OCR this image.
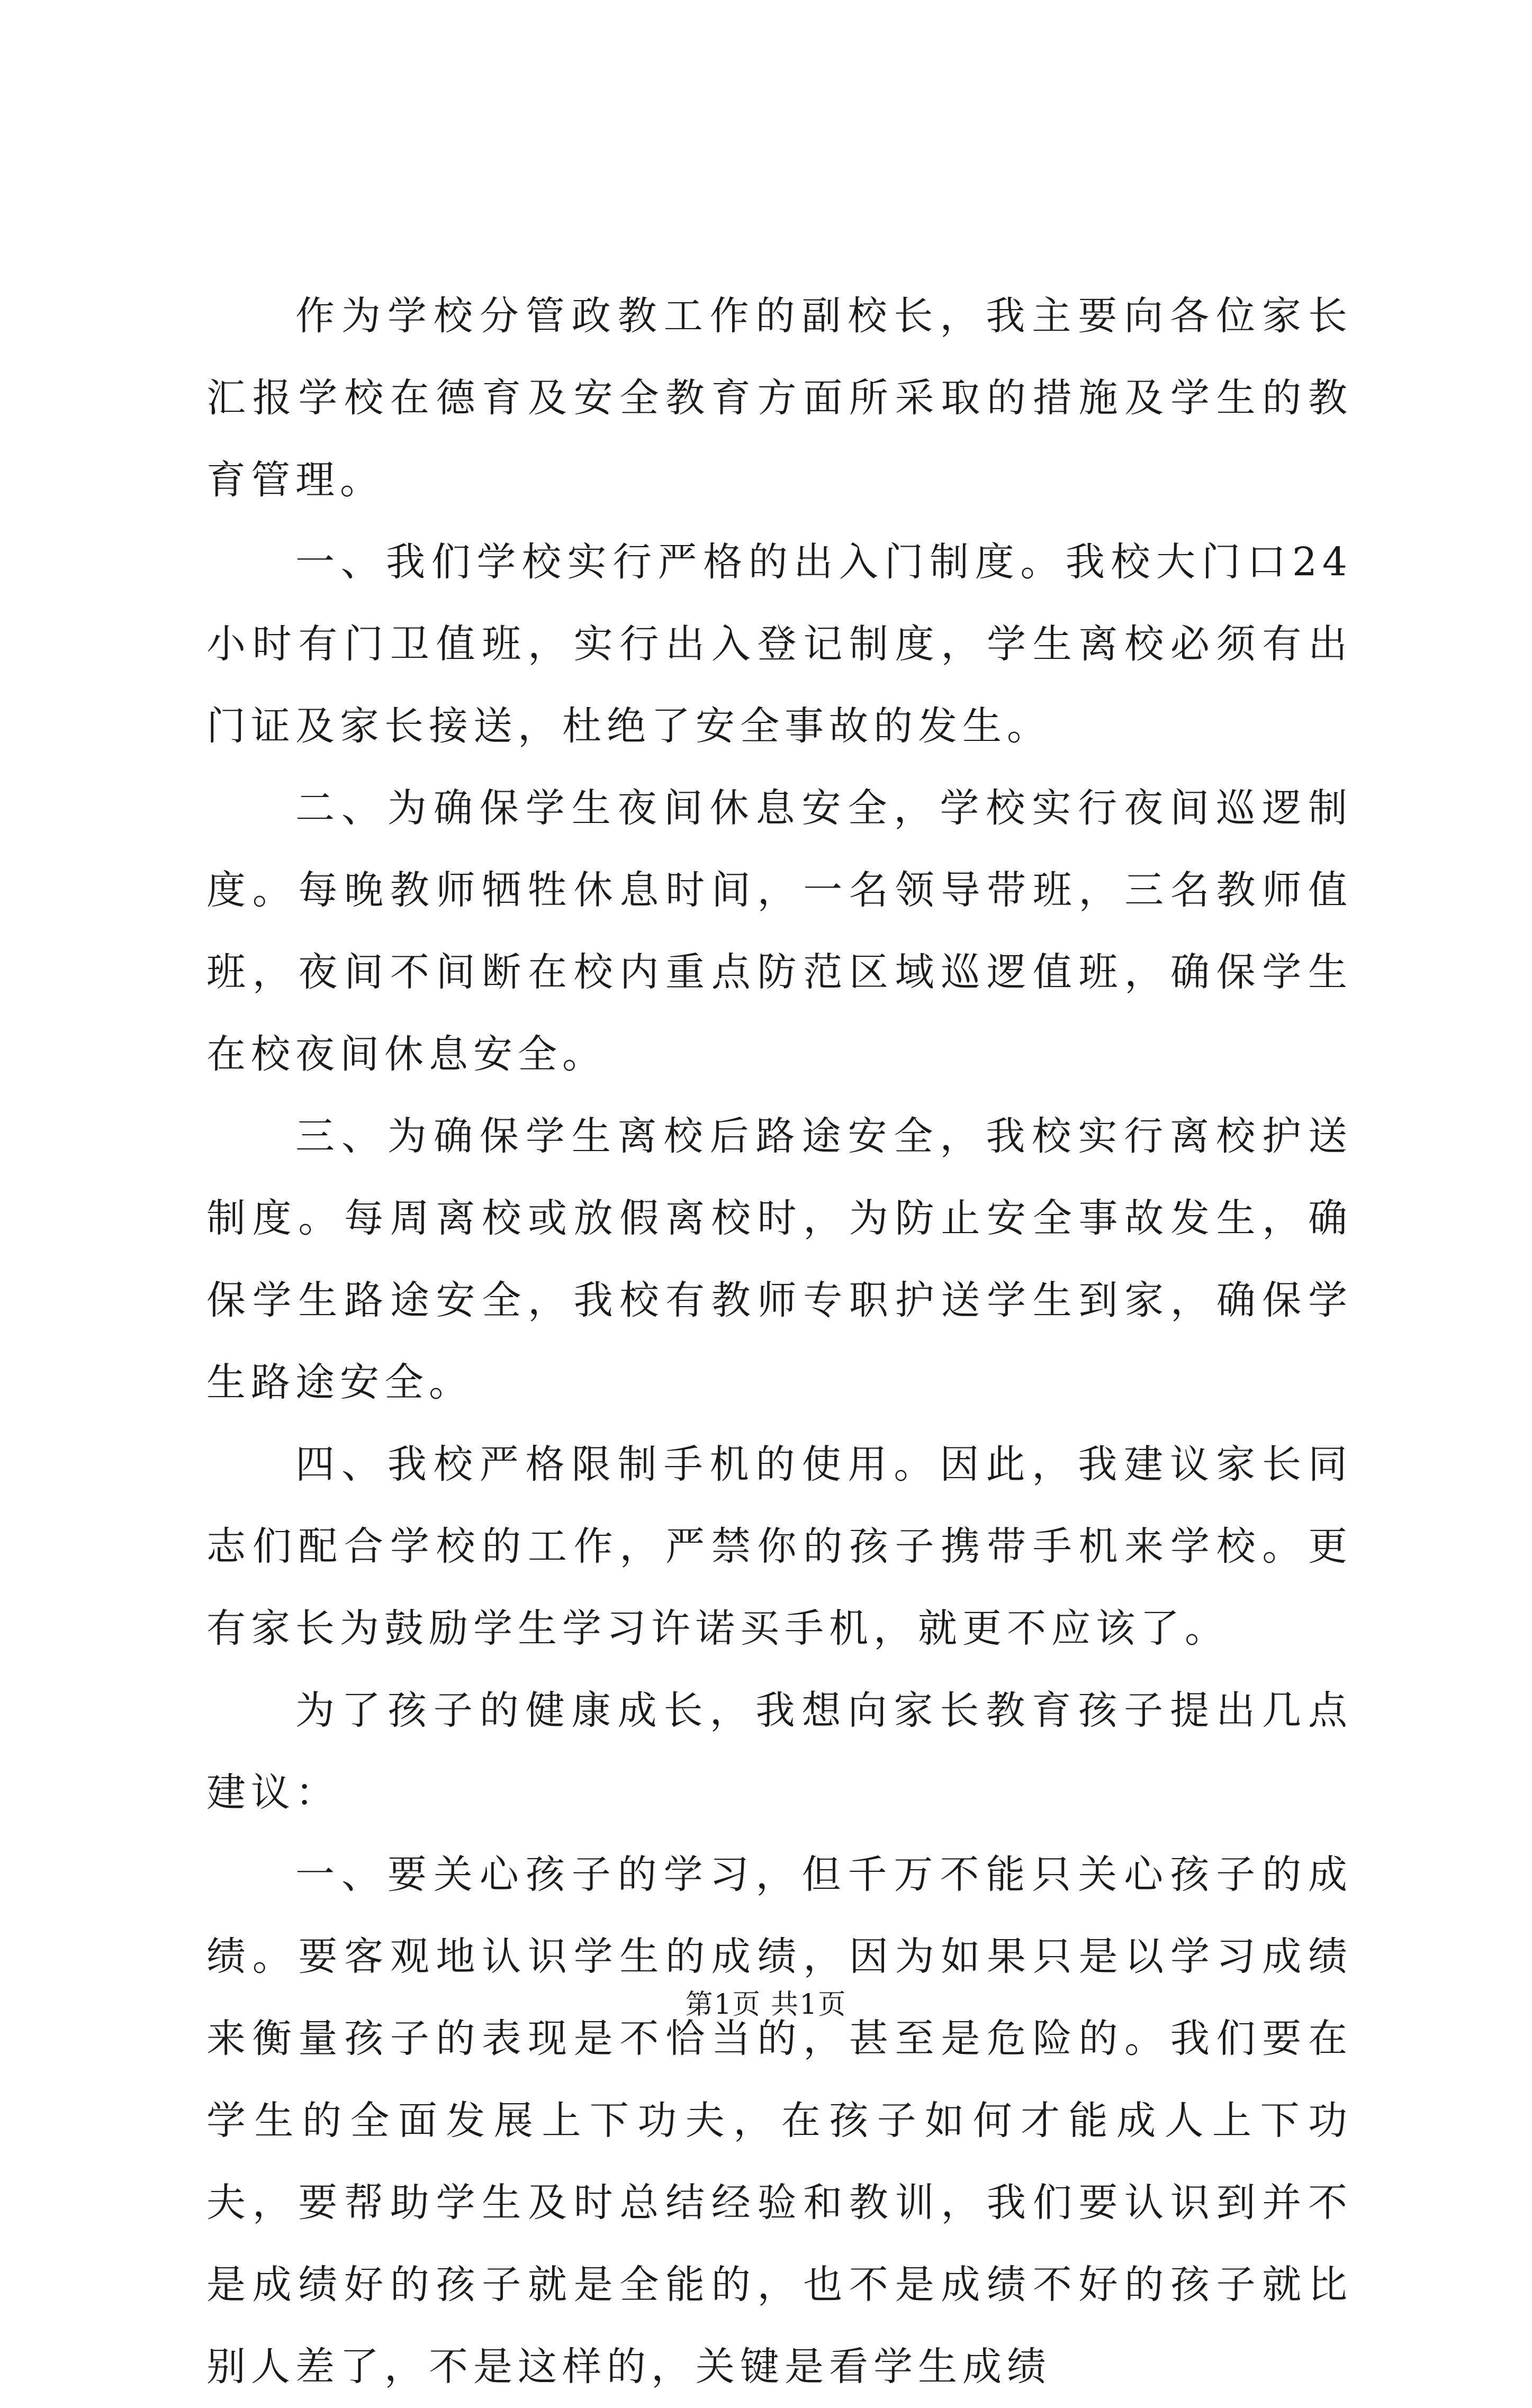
作为学校分管政教工作的副校长，我主要向各位家长汇报学校在德育及安全教育方面所采取的措施及学生的教育管理。

一、我们学校实行严格的出入门制度。我校大门口24小时有门卫值班，实行出入登记制度，学生离校必须有出门证及家长接送，杜绝了安全事故的发生。

二、为确保学生夜间休息安全，学校实行夜间巡逻制度。每晚教师牺牲休息时间，一名领导带班，三名教师值班，夜间不间断在校内重点防范区域巡逻值班，确保学生在校夜间休息安全。

三、为确保学生离校后路途安全，我校实行离校护送制度。每周离校或放假离校时，为防止安全事故发生，确保学生路途安全，我校有教师专职护送学生到家，确保学生路途安全。

四、我校严格限制手机的使用。因此，我建议家长同志们配合学校的工作，严禁你的孩子携带手机来学校。更有家长为鼓励学生学习许诺买手机，就更不应该了。

为了孩子的健康成长，我想向家长教育孩子提出几点建议：

一、要关心孩子的学习，但千万不能只关心孩子的成绩。要客观地认识学生的成绩，因为如果只是以学习成绩来衡量孩子的表现是不恰当的，甚至是危险的。我们要在学生的全面发展上下功夫，在孩子如何才能成人上下功夫，要帮助学生及时总结经验和教训，我们要认识到并不是成绩好的孩子就是全能的，也不是成绩不好的孩子就比别人差了，不是这样的，关键是看学生成绩

第1页 共1页
